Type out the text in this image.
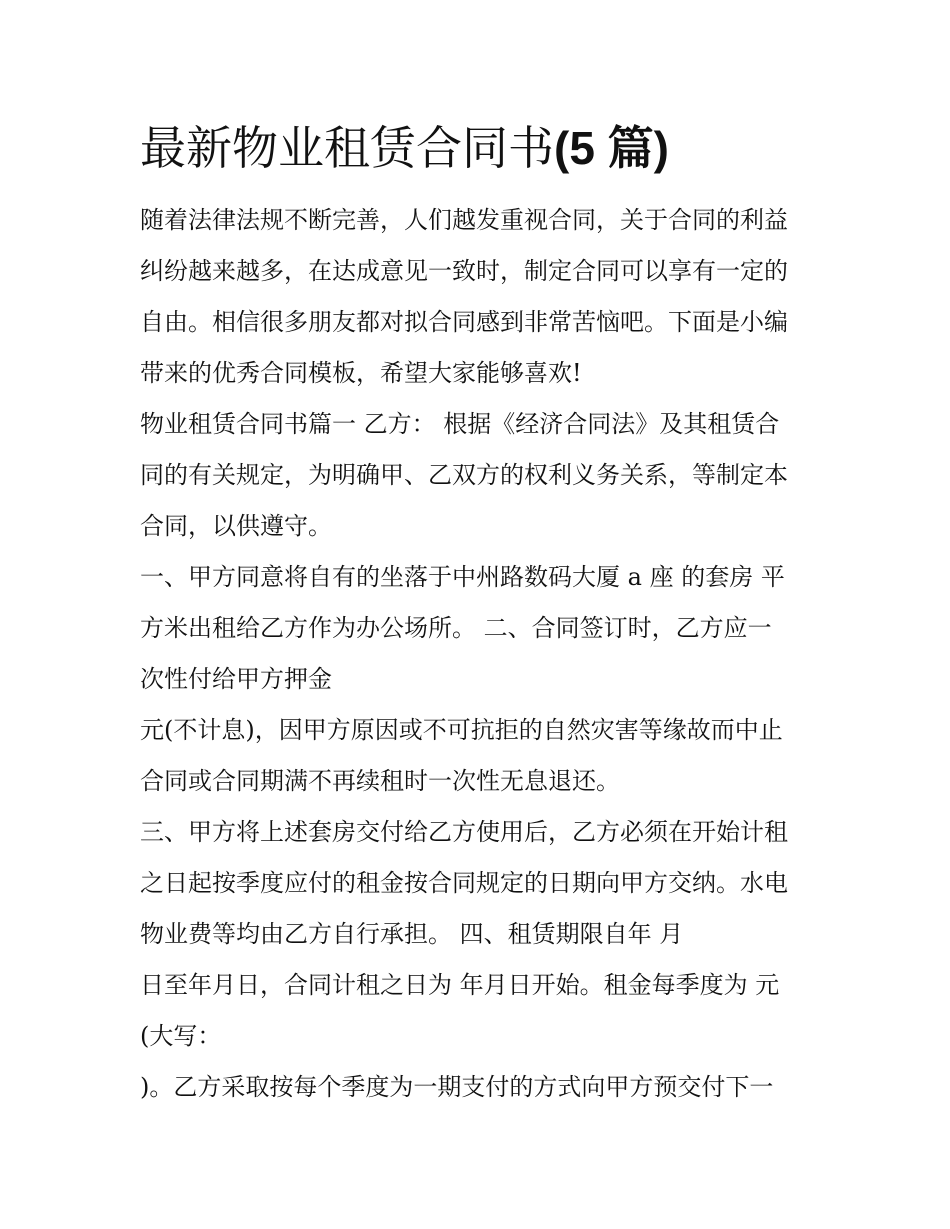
最新物业租赁合同书(5 篇)

随着法律法规不断完善，人们越发重视合同，关于合同的利益

纠纷越来越多，在达成意见一致时，制定合同可以享有一定的

自由。相信很多朋友都对拟合同感到非常苦恼吧。下面是小编

带来的优秀合同模板，希望大家能够喜欢!

物业租赁合同书篇一 乙方： 根据《经济合同法》及其租赁合

同的有关规定，为明确甲、乙双方的权利义务关系，等制定本

合同，以供遵守。

一、甲方同意将自有的坐落于中州路数码大厦 a 座 的套房 平

方米出租给乙方作为办公场所。 二、合同签订时，乙方应一

次性付给甲方押金

元(不计息)，因甲方原因或不可抗拒的自然灾害等缘故而中止

合同或合同期满不再续租时一次性无息退还。

三、甲方将上述套房交付给乙方使用后，乙方必须在开始计租

之日起按季度应付的租金按合同规定的日期向甲方交纳。水电

物业费等均由乙方自行承担。 四、租赁期限自年 月

日至年月日，合同计租之日为 年月日开始。租金每季度为 元

(大写：

)。乙方采取按每个季度为一期支付的方式向甲方预交付下一
